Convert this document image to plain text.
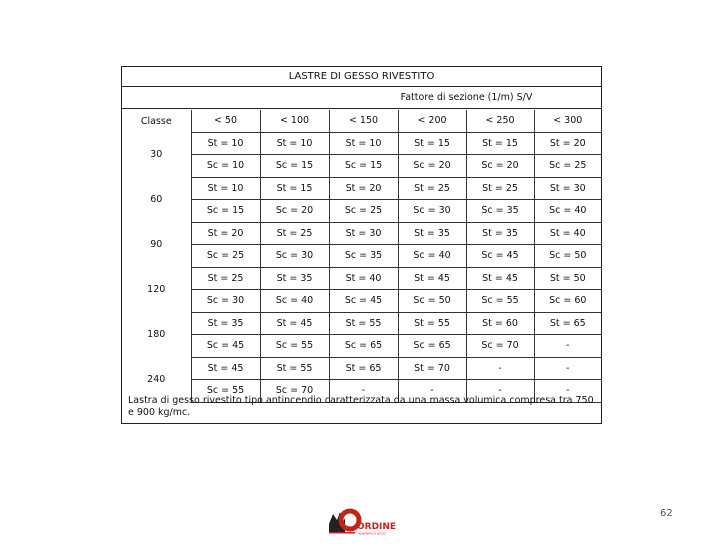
LASTRE DI GESSO RIVESTITO
Fattore di sezione (1/m) S/V
Classe	< 50	< 100	< 150	< 200	< 250	< 300
30	St = 10	St = 10	St = 10	St = 15	St = 15	St = 20
	Sc = 10	Sc = 15	Sc = 15	Sc = 20	Sc = 20	Sc = 25
60	St = 10	St = 15	St = 20	St = 25	St = 25	St = 30
	Sc = 15	Sc = 20	Sc = 25	Sc = 30	Sc = 35	Sc = 40
90	St = 20	St = 25	St = 30	St = 35	St = 35	St = 40
	Sc = 25	Sc = 30	Sc = 35	Sc = 40	Sc = 45	Sc = 50
120	St = 25	St = 35	St = 40	St = 45	St = 45	St = 50
	Sc = 30	Sc = 40	Sc = 45	Sc = 50	Sc = 55	Sc = 60
180	St = 35	St = 45	St = 55	St = 55	St = 60	St = 65
	Sc = 45	Sc = 55	Sc = 65	Sc = 65	Sc = 70	-
240	St = 45	St = 55	St = 65	St = 70	-	-
	Sc = 55	Sc = 70	-	-	-	-
Lastra di gesso rivestito tipo antincendio caratterizzata da una massa volumica compresa tra 750 e 900 kg/mc.
·
ORDINE
INGEGNERI DI LECCO
62
